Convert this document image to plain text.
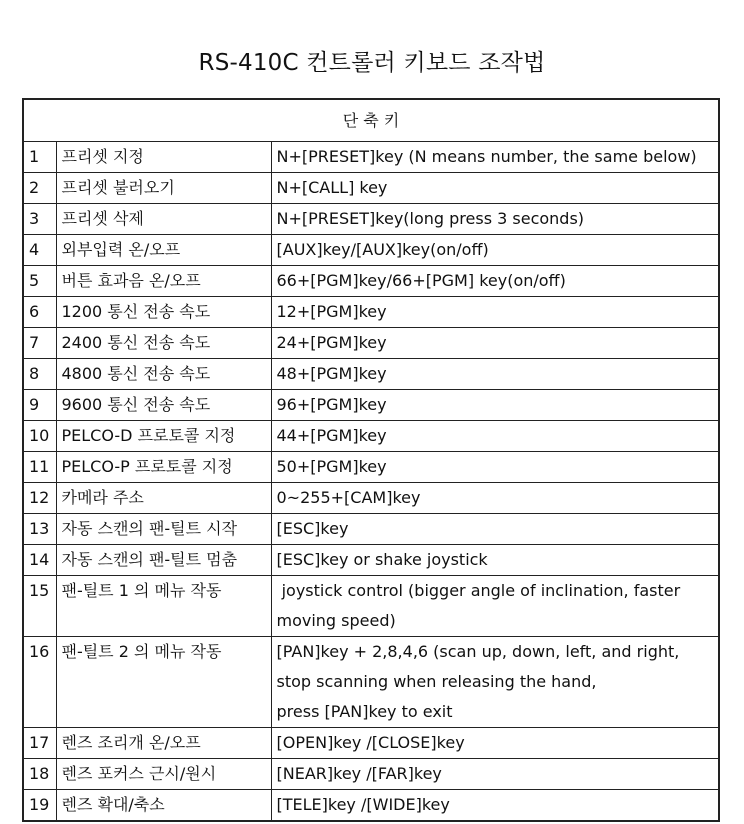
RS-410C 컨트롤러 키보드 조작법
단 축 키		
1	프리셋 지정	N+[PRESET]key (N means number, the same below)

2	프리셋 불러오기	N+[CALL] key

3	프리셋 삭제	N+[PRESET]key(long press 3 seconds)

4	외부입력 온/오프	[AUX]key/[AUX]key(on/off)

5	버튼 효과음 온/오프	66+[PGM]key/66+[PGM] key(on/off)

6	1200 통신 전송 속도	12+[PGM]key

7	2400 통신 전송 속도	24+[PGM]key

8	4800 통신 전송 속도	48+[PGM]key

9	9600 통신 전송 속도	96+[PGM]key

10	PELCO-D 프로토콜 지정	44+[PGM]key

11	PELCO-P 프로토콜 지정	50+[PGM]key

12	카메라 주소	0~255+[CAM]key

13	자동 스캔의 팬-틸트 시작	[ESC]key

14	자동 스캔의 팬-틸트 멈춤	[ESC]key or shake joystick

15	팬-틸트 1 의 메뉴 작동	joystick control (bigger angle of inclination, faster
moving speed)

16	팬-틸트 2 의 메뉴 작동	[PAN]key + 2,8,4,6 (scan up, down, left, and right,
stop scanning when releasing the hand,
press [PAN]key to exit

17	렌즈 조리개 온/오프	[OPEN]key /[CLOSE]key

18	렌즈 포커스 근시/원시	[NEAR]key /[FAR]key

19	렌즈 확대/축소	[TELE]key /[WIDE]key
